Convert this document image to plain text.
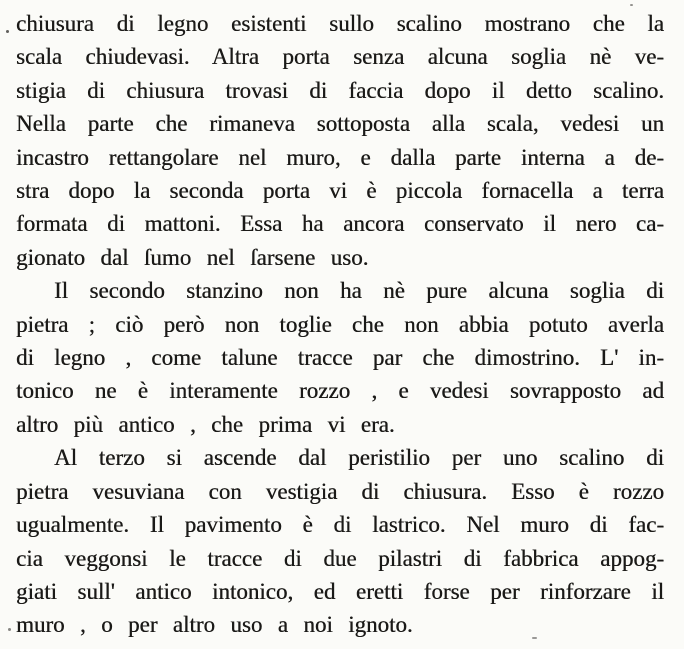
chiusura di legno esistenti sullo scalino mostrano che la
scala chiudevasi. Altra porta senza alcuna soglia nè ve-
stigia di chiusura trovasi di faccia dopo il detto scalino.
Nella parte che rimaneva sottoposta alla scala, vedesi un
incastro rettangolare nel muro, e dalla parte interna a de-
stra dopo la seconda porta vi è piccola fornacella a terra
formata di mattoni. Essa ha ancora conservato il nero ca-
gionato dal ſumo nel ſarsene uso.
Il secondo stanzino non ha nè pure alcuna soglia di
pietra ; ciò però non toglie che non abbia potuto averla
di legno , come talune tracce par che dimostrino. L' in-
tonico ne è interamente rozzo , e vedesi sovrapposto ad
altro più antico , che prima vi era.
Al terzo si ascende dal peristilio per uno scalino di
pietra vesuviana con vestigia di chiusura. Esso è rozzo
ugualmente. Il pavimento è di lastrico. Nel muro di fac-
cia veggonsi le tracce di due pilastri di fabbrica appog-
giati sull' antico intonico, ed eretti forse per rinforzare il
muro , o per altro uso a noi ignoto.
